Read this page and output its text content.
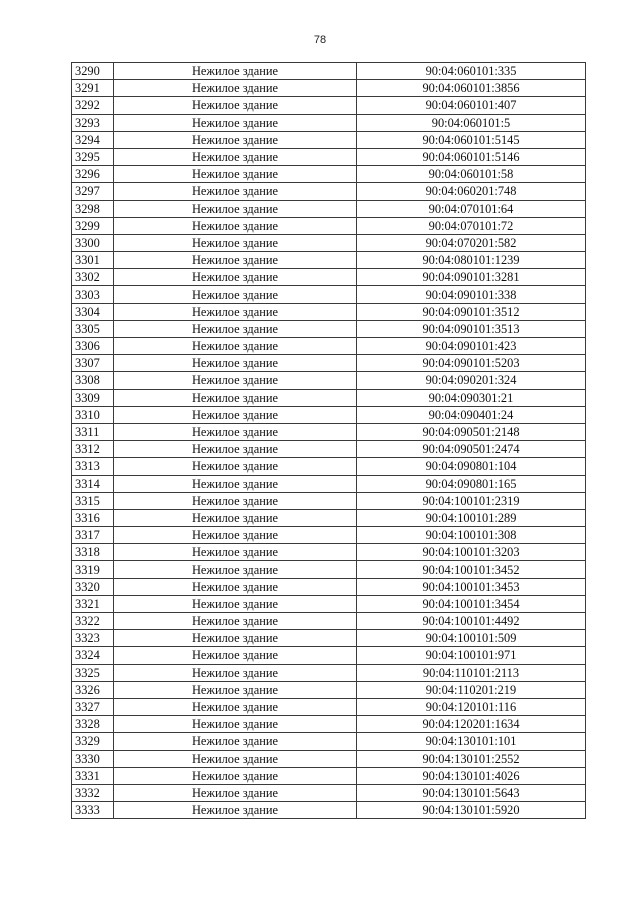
78
3290	Нежилое здание	90:04:060101:335
3291	Нежилое здание	90:04:060101:3856
3292	Нежилое здание	90:04:060101:407
3293	Нежилое здание	90:04:060101:5
3294	Нежилое здание	90:04:060101:5145
3295	Нежилое здание	90:04:060101:5146
3296	Нежилое здание	90:04:060101:58
3297	Нежилое здание	90:04:060201:748
3298	Нежилое здание	90:04:070101:64
3299	Нежилое здание	90:04:070101:72
3300	Нежилое здание	90:04:070201:582
3301	Нежилое здание	90:04:080101:1239
3302	Нежилое здание	90:04:090101:3281
3303	Нежилое здание	90:04:090101:338
3304	Нежилое здание	90:04:090101:3512
3305	Нежилое здание	90:04:090101:3513
3306	Нежилое здание	90:04:090101:423
3307	Нежилое здание	90:04:090101:5203
3308	Нежилое здание	90:04:090201:324
3309	Нежилое здание	90:04:090301:21
3310	Нежилое здание	90:04:090401:24
3311	Нежилое здание	90:04:090501:2148
3312	Нежилое здание	90:04:090501:2474
3313	Нежилое здание	90:04:090801:104
3314	Нежилое здание	90:04:090801:165
3315	Нежилое здание	90:04:100101:2319
3316	Нежилое здание	90:04:100101:289
3317	Нежилое здание	90:04:100101:308
3318	Нежилое здание	90:04:100101:3203
3319	Нежилое здание	90:04:100101:3452
3320	Нежилое здание	90:04:100101:3453
3321	Нежилое здание	90:04:100101:3454
3322	Нежилое здание	90:04:100101:4492
3323	Нежилое здание	90:04:100101:509
3324	Нежилое здание	90:04:100101:971
3325	Нежилое здание	90:04:110101:2113
3326	Нежилое здание	90:04:110201:219
3327	Нежилое здание	90:04:120101:116
3328	Нежилое здание	90:04:120201:1634
3329	Нежилое здание	90:04:130101:101
3330	Нежилое здание	90:04:130101:2552
3331	Нежилое здание	90:04:130101:4026
3332	Нежилое здание	90:04:130101:5643
3333	Нежилое здание	90:04:130101:5920
